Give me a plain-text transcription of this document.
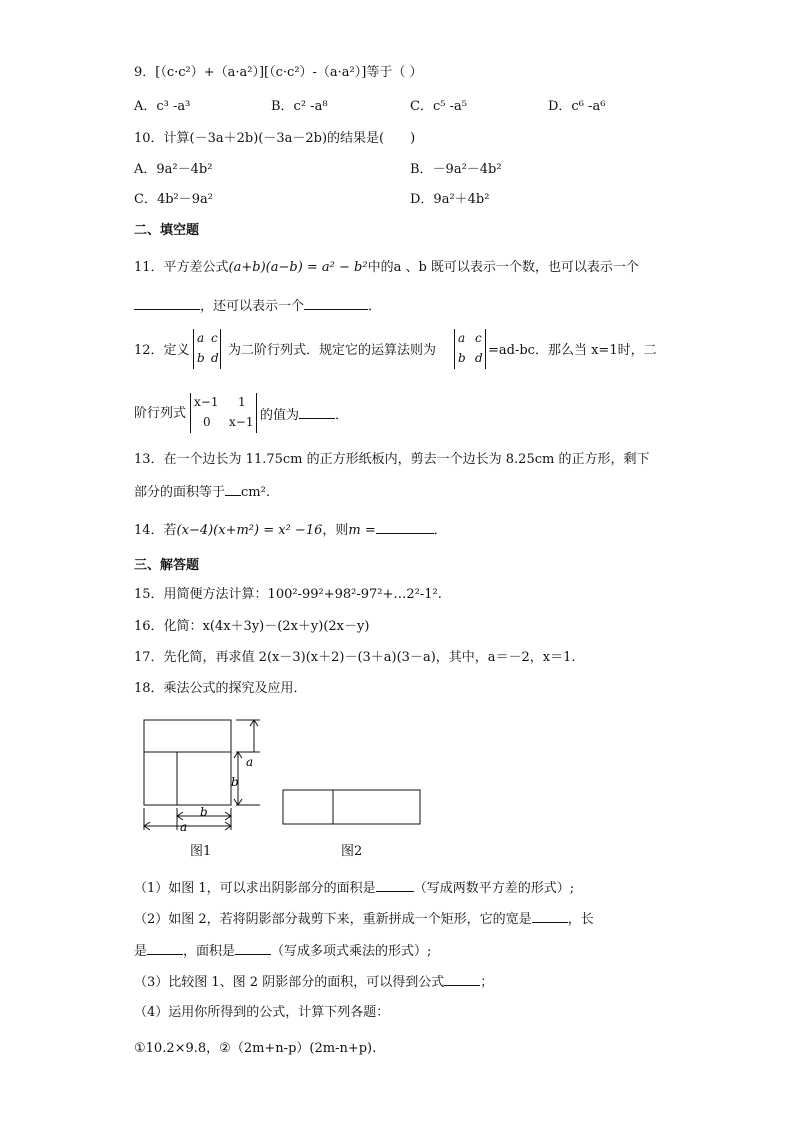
9．[（c·c²）+（a·a²）][（c·c²）-（a·a²）]等于（ ）
A．c³ -a³	B．c² -a⁸	C．c⁵ -a⁵	D．c⁶ -a⁶
10．计算(－3a＋2b)(－3a－2b)的结果是(　　)
A．9a²－4b²	B．－9a²－4b²
C．4b²－9a²	D．9a²＋4b²
二、填空题
11．平方差公式(a+b)(a−b) = a² − b²中的a 、b 既可以表示一个数，也可以表示一个
，还可以表示一个	．
12．定义
a c
b d 为二阶行列式．规定它的运算法则为
a c
b d =ad-bc．那么当 x=1时，二
阶行列式
x−1 1
0 x−1 的值为	．
13．在一个边长为 11.75cm 的正方形纸板内，剪去一个边长为 8.25cm 的正方形，剩下
部分的面积等于 cm².
14．若(x−4)(x+m²) = x² −16，则m =	．
三、解答题
15．用简便方法计算：100²-99²+98²-97²+…2²-1².
16．化简：x(4x＋3y)－(2x＋y)(2x－y)
17．先化简，再求值 2(x－3)(x＋2)－(3＋a)(3－a)，其中，a＝－2，x＝1.
18．乘法公式的探究及应用．
a
b
b
a
图1	图2
（1）如图 1，可以求出阴影部分的面积是	（写成两数平方差的形式）;
（2）如图 2，若将阴影部分裁剪下来，重新拼成一个矩形，它的宽是	，长
是	，面积是	（写成多项式乘法的形式）;
（3）比较图 1、图 2 阴影部分的面积，可以得到公式	；
（4）运用你所得到的公式，计算下列各题：
①10.2×9.8，②（2m+n-p）(2m-n+p).
